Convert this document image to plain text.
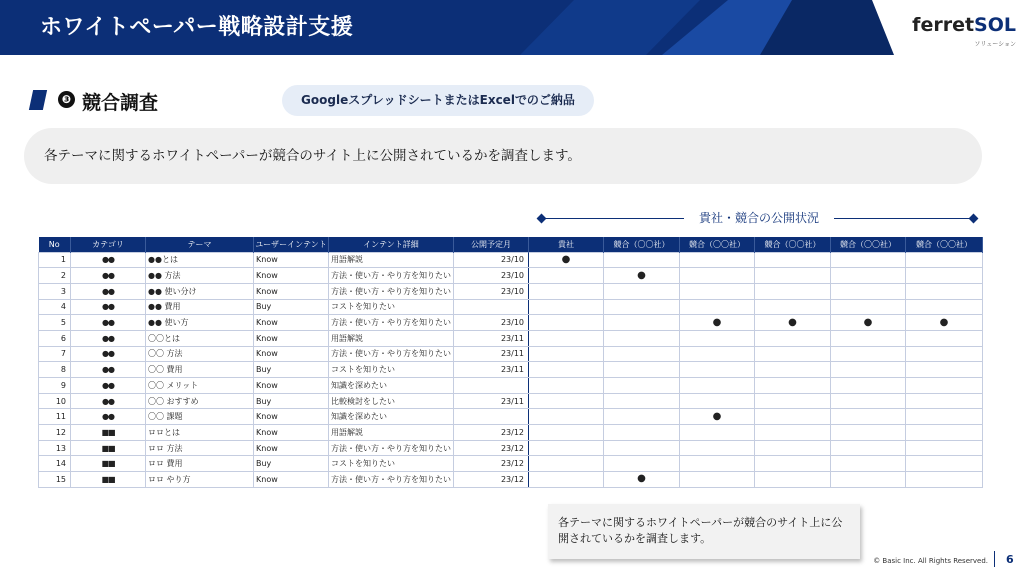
ホワイトペーパー戦略設計支援	ferretSOL
ソリューション
❸ 競合調査	GoogleスプレッドシートまたはExcelでのご納品
各テーマに関するホワイトペーパーが競合のサイト上に公開されているかを調査します。
貴社・競合の公開状況
No	カテゴリ	テーマ	ユーザーインテント	インテント詳細	公開予定月	貴社	競合（〇〇社）	競合（〇〇社）	競合（〇〇社）	競合（〇〇社）	競合（〇〇社）
1	●●	●●とは	Know	用語解説	23/10	●					
2	●●	●● 方法	Know	方法・使い方・やり方を知りたい	23/10		●				
3	●●	●● 使い分け	Know	方法・使い方・やり方を知りたい	23/10						
4	●●	●● 費用	Buy	コストを知りたい							
5	●●	●● 使い方	Know	方法・使い方・やり方を知りたい	23/10			●	●	●	●
6	●●	〇〇とは	Know	用語解説	23/11						
7	●●	〇〇 方法	Know	方法・使い方・やり方を知りたい	23/11						
8	●●	〇〇 費用	Buy	コストを知りたい	23/11						
9	●●	〇〇 メリット	Know	知識を深めたい							
10	●●	〇〇 おすすめ	Buy	比較検討をしたい	23/11						
11	●●	〇〇 課題	Know	知識を深めたい				●			
12	■■	ロロとは	Know	用語解説	23/12						
13	■■	ロロ 方法	Know	方法・使い方・やり方を知りたい	23/12						
14	■■	ロロ 費用	Buy	コストを知りたい	23/12						
15	■■	ロロ やり方	Know	方法・使い方・やり方を知りたい	23/12		●				
各テーマに関するホワイトペーパーが競合のサイト上に公開されているかを調査します。
© Basic Inc. All Rights Reserved. 6
